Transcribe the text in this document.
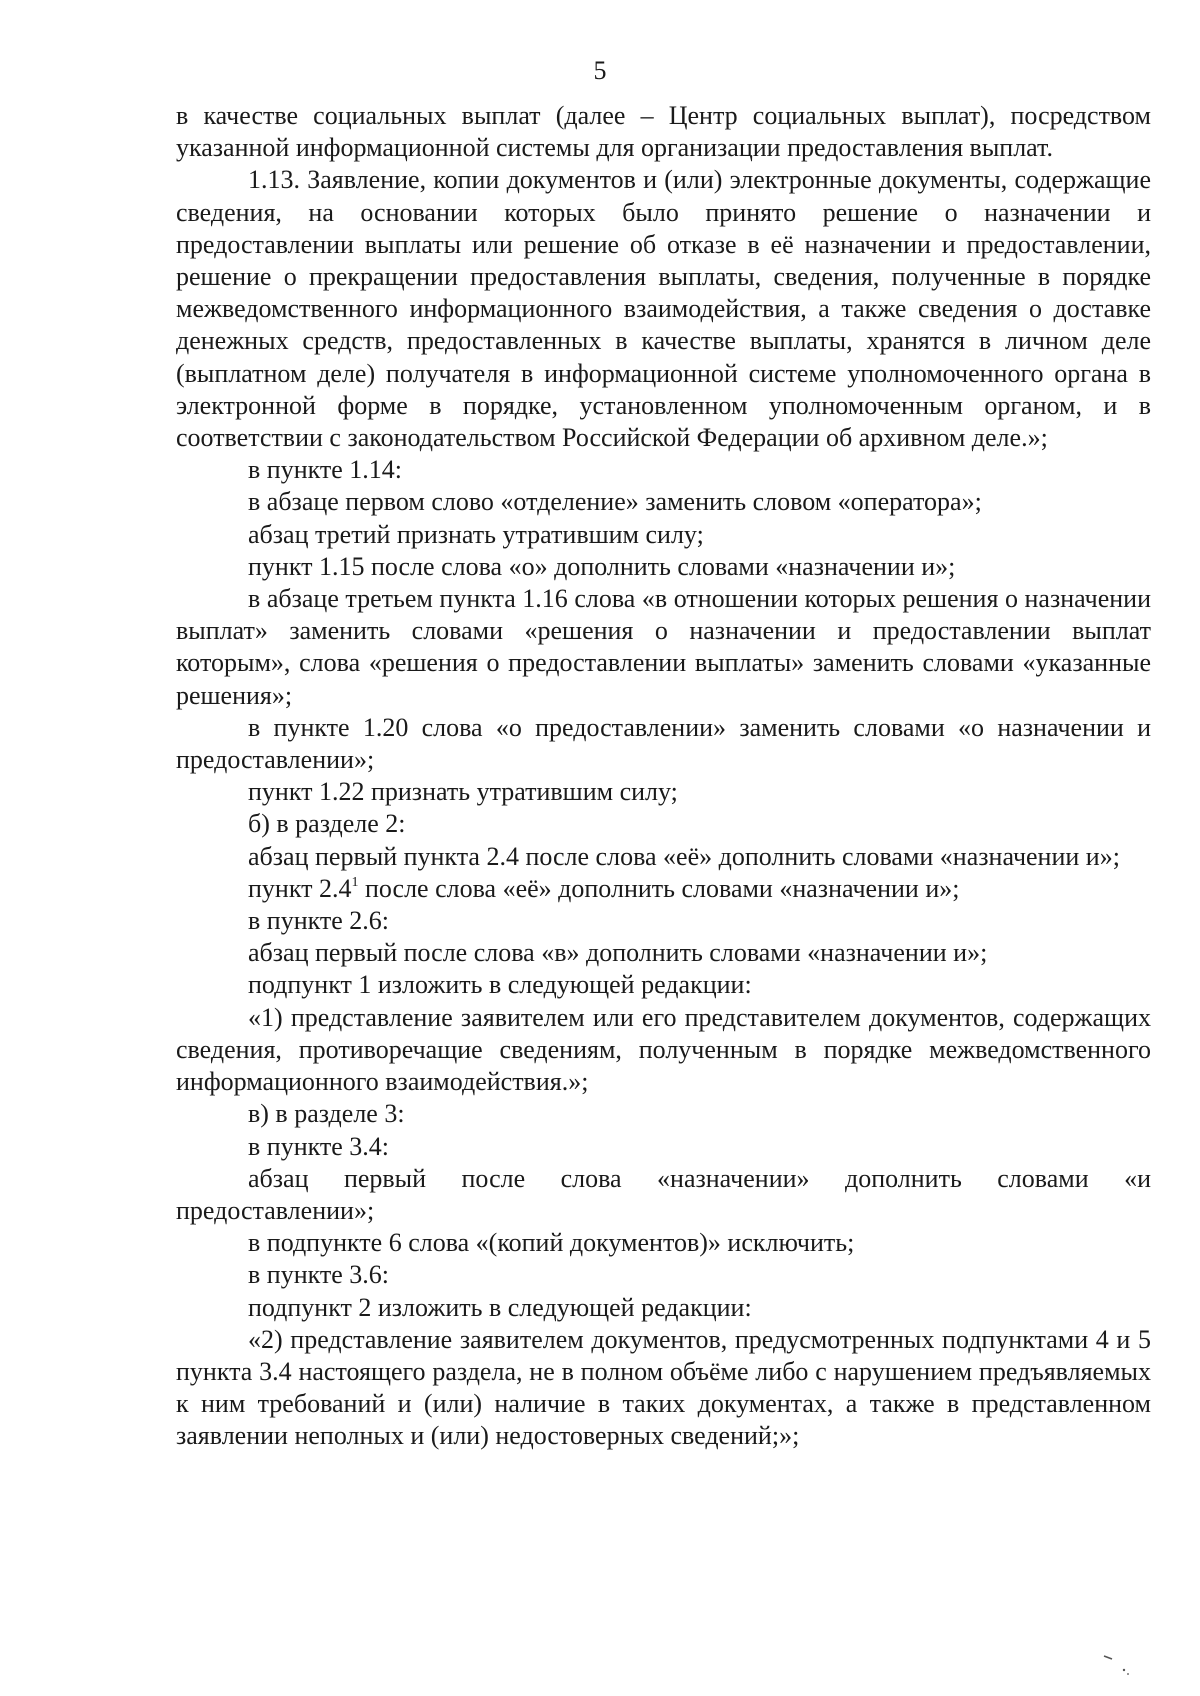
5

в качестве социальных выплат (далее – Центр социальных выплат), посредством указанной информационной системы для организации предоставления выплат.

1.13. Заявление, копии документов и (или) электронные документы, содержащие сведения, на основании которых было принято решение о назначении и предоставлении выплаты или решение об отказе в её назначении и предоставлении, решение о прекращении предоставления выплаты, сведения, полученные в порядке межведомственного информационного взаимодействия, а также сведения о доставке денежных средств, предоставленных в качестве выплаты, хранятся в личном деле (выплатном деле) получателя в информационной системе уполномоченного органа в электронной форме в порядке, установленном уполномоченным органом, и в соответствии с законодательством Российской Федерации об архивном деле.»;

в пункте 1.14:

в абзаце первом слово «отделение» заменить словом «оператора»;

абзац третий признать утратившим силу;

пункт 1.15 после слова «о» дополнить словами «назначении и»;

в абзаце третьем пункта 1.16 слова «в отношении которых решения о назначении выплат» заменить словами «решения о назначении и предоставлении выплат которым», слова «решения о предоставлении выплаты» заменить словами «указанные решения»;

в пункте 1.20 слова «о предоставлении» заменить словами «о назначении и предоставлении»;

пункт 1.22 признать утратившим силу;

б) в разделе 2:

абзац первый пункта 2.4 после слова «её» дополнить словами «назначении и»;

пункт $2.4^1$ после слова «её» дополнить словами «назначении и»;

в пункте 2.6:

абзац первый после слова «в» дополнить словами «назначении и»;

подпункт 1 изложить в следующей редакции:

«1) представление заявителем или его представителем документов, содержащих сведения, противоречащие сведениям, полученным в порядке межведомственного информационного взаимодействия.»;

в) в разделе 3:

в пункте 3.4:

абзац первый после слова «назначении» дополнить словами «и предоставлении»;

в подпункте 6 слова «(копий документов)» исключить;

в пункте 3.6:

подпункт 2 изложить в следующей редакции:

«2) представление заявителем документов, предусмотренных подпунктами 4 и 5 пункта 3.4 настоящего раздела, не в полном объёме либо с нарушением предъявляемых к ним требований и (или) наличие в таких документах, а также в представленном заявлении неполных и (или) недостоверных сведений;»;
